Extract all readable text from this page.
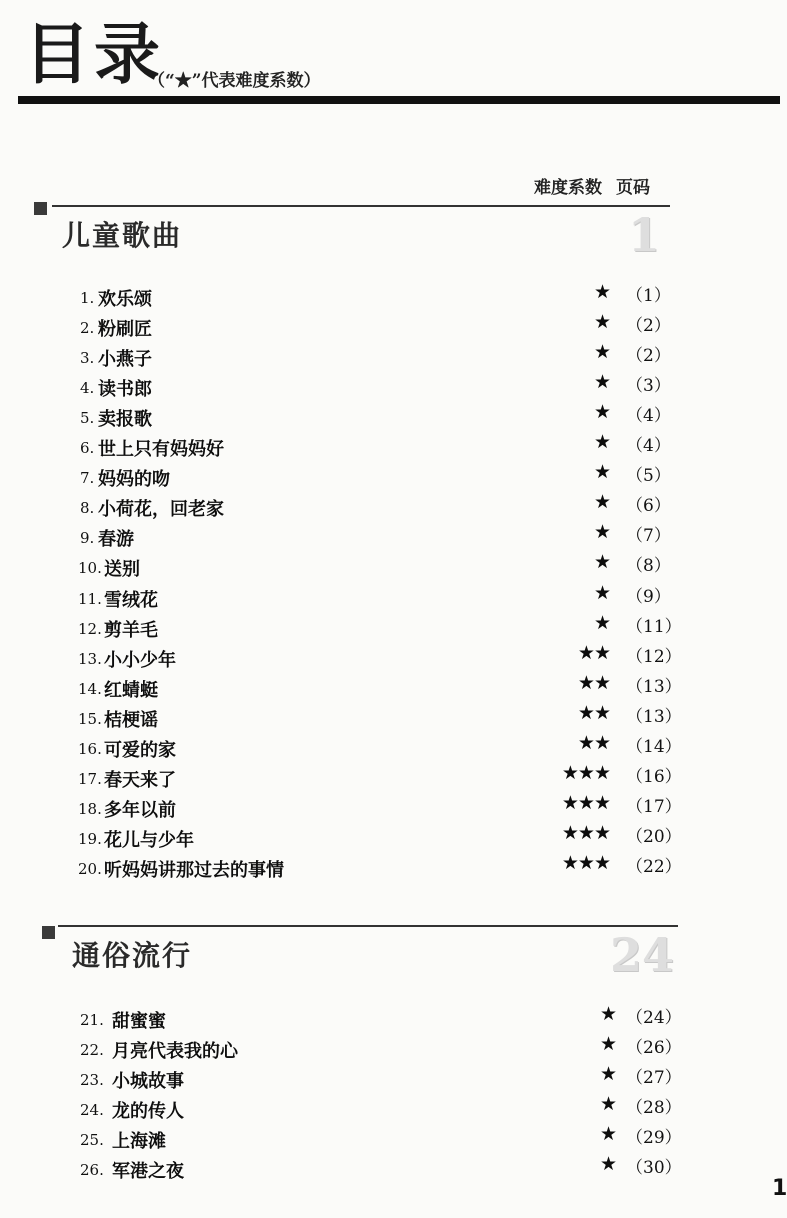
目录
（“★”代表难度系数）
难度系数 页码
儿童歌曲	1
1. 欢乐颂	★ （1）
2. 粉刷匠	★ （2）
3. 小燕子	★ （2）
4. 读书郎	★ （3）
5. 卖报歌	★ （4）
6. 世上只有妈妈好	★ （4）
7. 妈妈的吻	★ （5）
8. 小荷花，回老家	★ （6）
9. 春游	★ （7）
10. 送别	★ （8）
11. 雪绒花	★ （9）
12. 剪羊毛	★ （11）
13. 小小少年	★★ （12）
14. 红蜻蜓	★★ （13）
15. 桔梗谣	★★ （13）
16. 可爱的家	★★ （14）
17. 春天来了	★★★ （16）
18. 多年以前	★★★ （17）
19. 花儿与少年	★★★ （20）
20. 听妈妈讲那过去的事情	★★★ （22）
通俗流行	24
21. 甜蜜蜜	★ （24）
22. 月亮代表我的心	★ （26）
23. 小城故事	★ （27）
24. 龙的传人	★ （28）
25. 上海滩	★ （29）
26. 军港之夜	★ （30）
1
